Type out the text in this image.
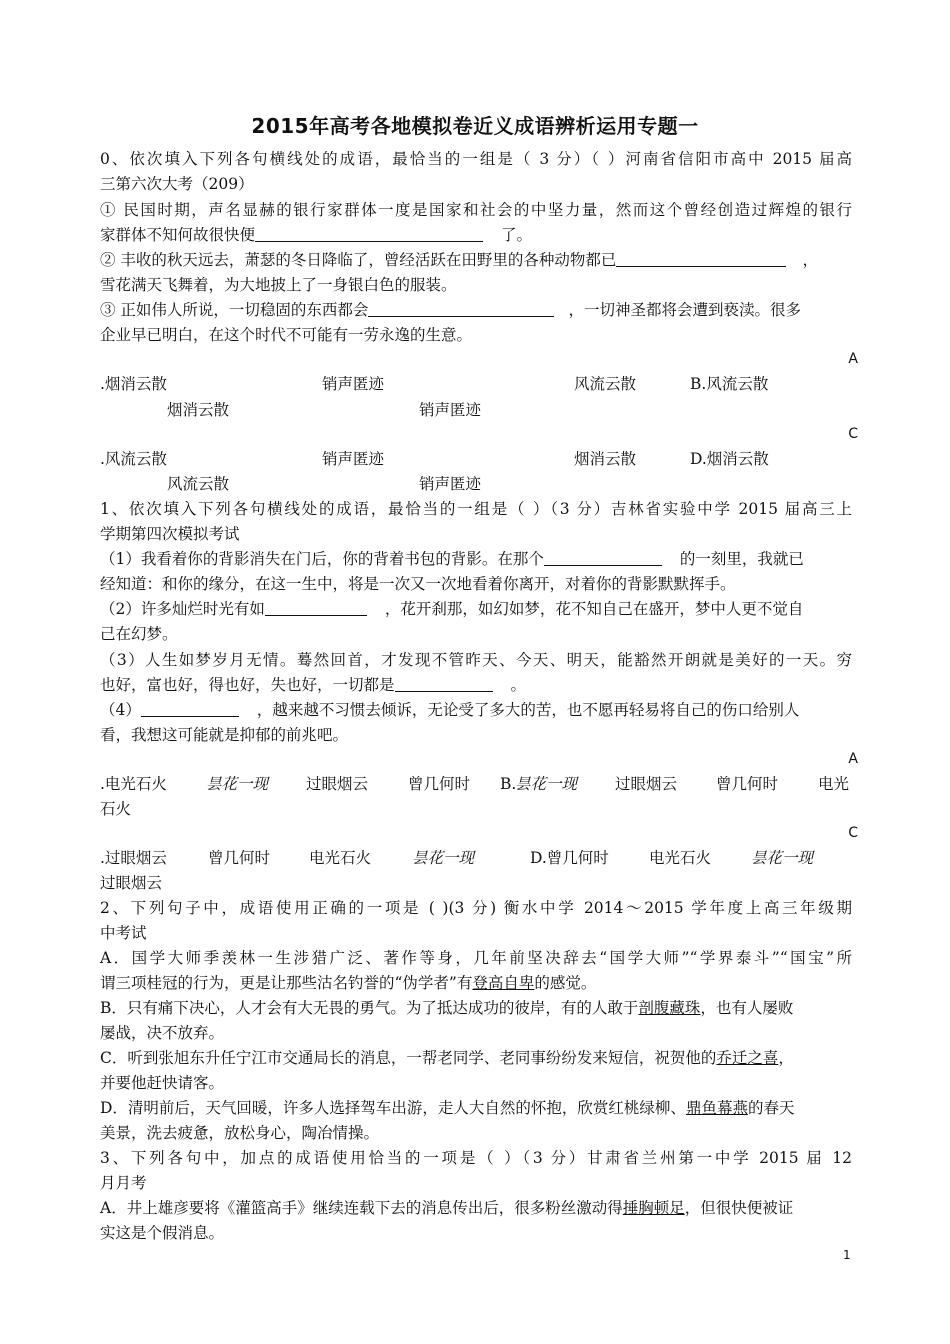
2015年高考各地模拟卷近义成语辨析运用专题一
0、依次填入下列各句横线处的成语，最恰当的一组是（ 3 分）（ ）河南省信阳市高中 2015 届高
三第六次大考（209）
① 民国时期，声名显赫的银行家群体一度是国家和社会的中坚力量，然而这个曾经创造过辉煌的银行
家群体不知何故很快便	了。
② 丰收的秋天远去，萧瑟的冬日降临了，曾经活跃在田野里的各种动物都已	，
雪花满天飞舞着，为大地披上了一身银白色的服装。
③ 正如伟人所说，一切稳固的东西都会	，一切神圣都将会遭到亵渎。很多
企业早已明白，在这个时代不可能有一劳永逸的生意。
A
.烟消云散	销声匿迹	风流云散	B.风流云散
烟消云散	销声匿迹
C
.风流云散	销声匿迹	烟消云散	D.烟消云散
风流云散	销声匿迹
1、依次填入下列各句横线处的成语，最恰当的一组是（ ）（3 分）吉林省实验中学 2015 届高三上
学期第四次模拟考试
（1）我看着你的背影消失在门后，你的背着书包的背影。在那个	的一刻里，我就已
经知道：和你的缘分，在这一生中，将是一次又一次地看着你离开，对着你的背影默默挥手。
（2）许多灿烂时光有如	，花开刹那，如幻如梦，花不知自己在盛开，梦中人更不觉自
己在幻梦。
（3）人生如梦岁月无情。蓦然回首，才发现不管昨天、今天、明天，能豁然开朗就是美好的一天。穷
也好，富也好，得也好，失也好，一切都是	。
（4）	，越来越不习惯去倾诉，无论受了多大的苦，也不愿再轻易将自己的伤口给别人
看，我想这可能就是抑郁的前兆吧。
A
.电光石火	昙花一现 过眼烟云	曾几何时 B.
昙花一现 过眼烟云	曾几何时	电光
石火
C
.过眼烟云	曾几何时	电光石火	昙花一现	D.曾几何时	电光石火	昙花一现
过眼烟云
2、下列句子中，成语使用正确的一项是 ( )(3 分) 衡水中学 2014～2015 学年度上高三年级期
中考试
A．国学大师季羡林一生涉猎广泛、著作等身，几年前坚决辞去“国学大师”“学界泰斗”“国宝”所
谓三项桂冠的行为，更是让那些沽名钓誉的“伪学者”有登高自卑的感觉。
B．只有痛下决心，人才会有大无畏的勇气。为了抵达成功的彼岸，有的人敢于剖腹藏珠，也有人屡败
屡战，决不放弃。
C．听到张旭东升任宁江市交通局长的消息，一帮老同学、老同事纷纷发来短信，祝贺他的乔迁之喜，
并要他赶快请客。
D．清明前后，天气回暖，许多人选择驾车出游，走人大自然的怀抱，欣赏红桃绿柳、鼎鱼幕燕的春天
美景，洗去疲惫，放松身心，陶冶情操。
3、下列各句中，加点的成语使用恰当的一项是（ ）（3 分）甘肃省兰州第一中学 2015 届 12
月月考
A．井上雄彦要将《灌篮高手》继续连载下去的消息传出后，很多粉丝激动得捶胸顿足，但很快便被证
实这是个假消息。
1
